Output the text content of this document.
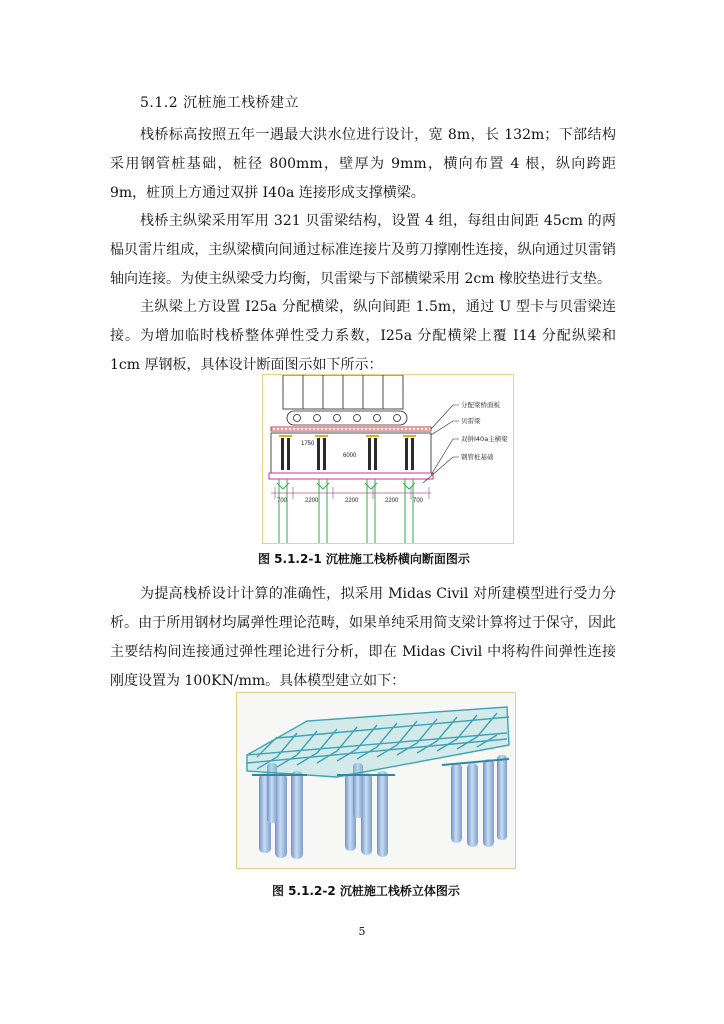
5.1.2 沉桩施工栈桥建立

栈桥标高按照五年一遇最大洪水位进行设计，宽 8m，长 132m；下部结构采用钢管桩基础，桩径 800mm，壁厚为 9mm，横向布置 4 根，纵向跨距 9m，桩顶上方通过双拼 I40a 连接形成支撑横梁。

栈桥主纵梁采用军用 321 贝雷梁结构，设置 4 组，每组由间距 45cm 的两榀贝雷片组成，主纵梁横向间通过标准连接片及剪刀撑刚性连接，纵向通过贝雷销轴向连接。为使主纵梁受力均衡，贝雷梁与下部横梁采用 2cm 橡胶垫进行支垫。

主纵梁上方设置 I25a 分配横梁，纵向间距 1.5m，通过 U 型卡与贝雷梁连接。为增加临时栈桥整体弹性受力系数，I25a 分配横梁上覆 I14 分配纵梁和 1cm 厚钢板，具体设计断面图示如下所示：

1750
6000
700	2200	2200	2200 700
分配梁桥面板
贝雷梁
双拼I40a主横梁
钢管桩基础
图 5.1.2-1 沉桩施工栈桥横向断面图示

为提高栈桥设计计算的准确性，拟采用 Midas Civil 对所建模型进行受力分析。由于所用钢材均属弹性理论范畴，如果单纯采用简支梁计算将过于保守，因此主要结构间连接通过弹性理论进行分析，即在 Midas Civil 中将构件间弹性连接刚度设置为 100KN/mm。具体模型建立如下：

图 5.1.2-2 沉桩施工栈桥立体图示
5
